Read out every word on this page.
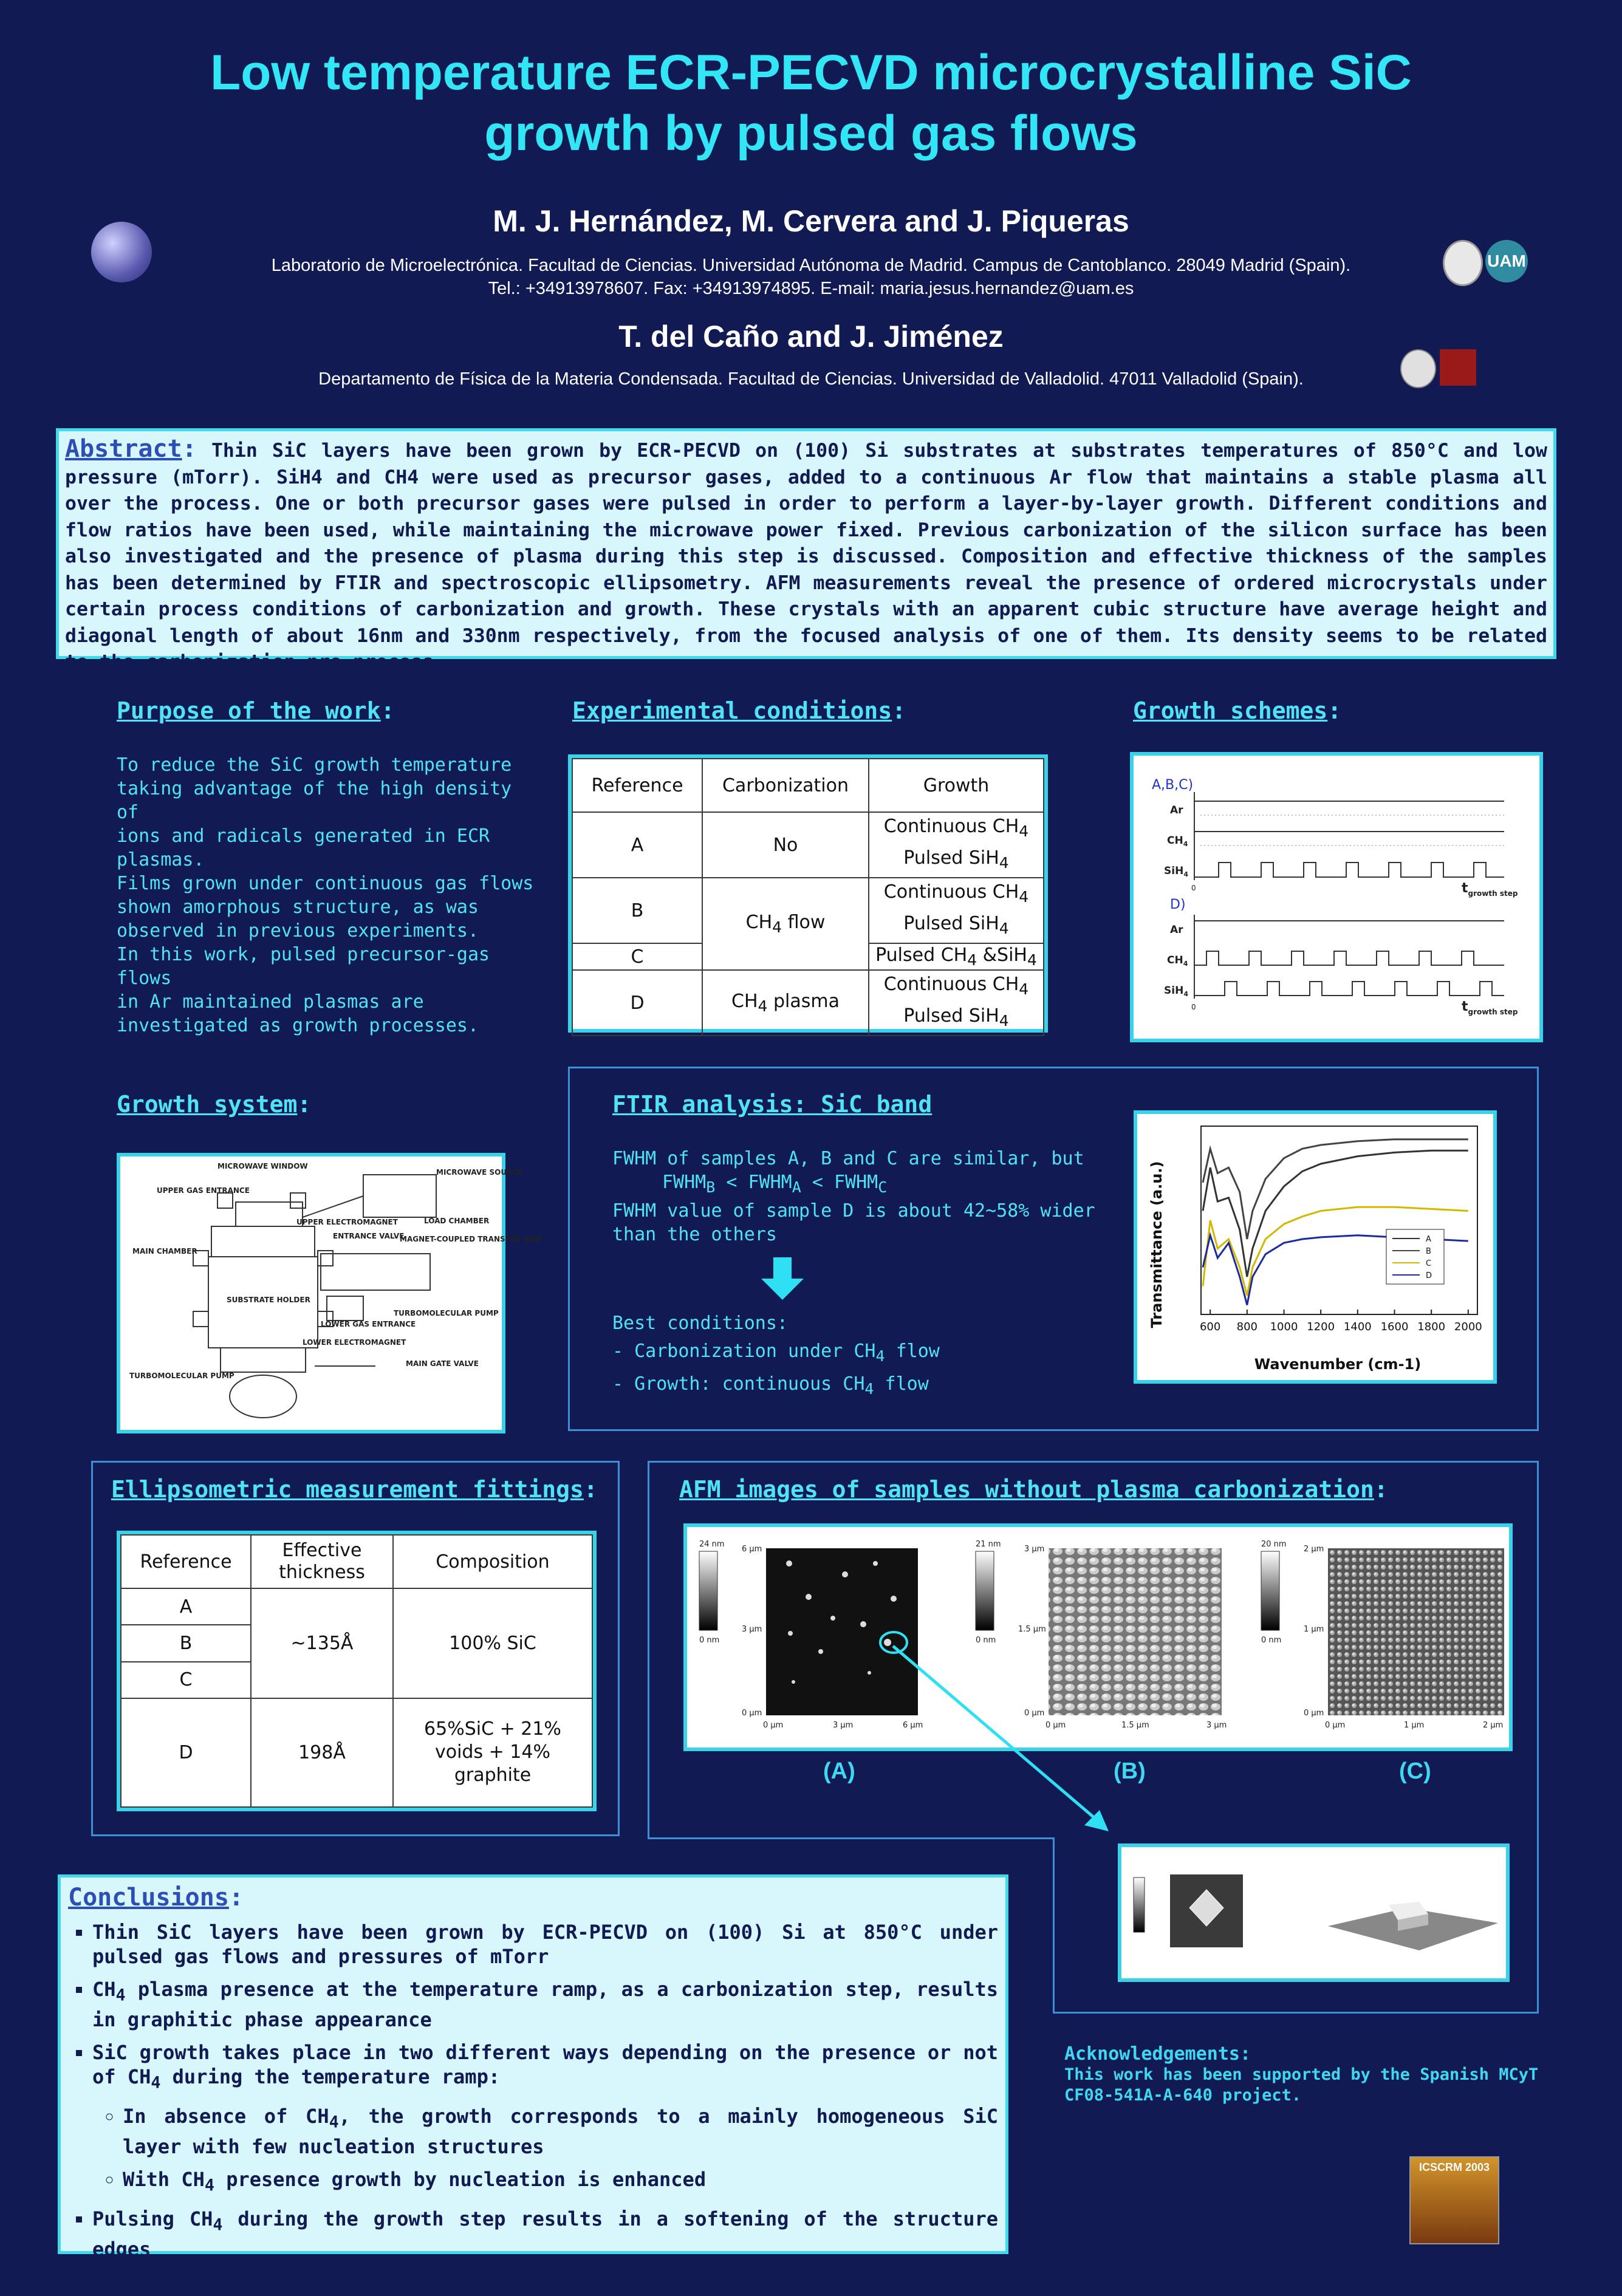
Low temperature ECR-PECVD microcrystalline SiC
growth by pulsed gas flows
M. J. Hernández, M. Cervera and J. Piqueras
Laboratorio de Microelectrónica. Facultad de Ciencias. Universidad Autónoma de Madrid. Campus de Cantoblanco. 28049 Madrid (Spain).
Tel.: +34913978607. Fax: +34913974895. E-mail: maria.jesus.hernandez@uam.es
UAM
T. del Caño and J. Jiménez
Departamento de Física de la Materia Condensada. Facultad de Ciencias. Universidad de Valladolid. 47011 Valladolid (Spain).
Abstract: Thin SiC layers have been grown by ECR-PECVD on (100) Si substrates at substrates temperatures of 850°C and low pressure (mTorr). SiH4 and CH4 were used as precursor gases, added to a continuous Ar flow that maintains a stable plasma all over the process. One or both precursor gases were pulsed in order to perform a layer-by-layer growth. Different conditions and flow ratios have been used, while maintaining the microwave power fixed. Previous carbonization of the silicon surface has been also investigated and the presence of plasma during this step is discussed. Composition and effective thickness of the samples has been determined by FTIR and spectroscopic ellipsometry. AFM measurements reveal the presence of ordered microcrystals under certain process conditions of carbonization and growth. These crystals with an apparent cubic structure have average height and diagonal length of about 16nm and 330nm respectively, from the focused analysis of one of them. Its density seems to be related to the carbonization pre-process.
Purpose of the work:
To reduce the SiC growth temperature
taking advantage of the high density of
ions and radicals generated in ECR
plasmas.
Films grown under continuous gas flows
shown amorphous structure, as was
observed in previous experiments.
In this work, pulsed precursor-gas flows
in Ar maintained plasmas are
investigated as growth processes.
Experimental conditions:
Reference	Carbonization	Growth
A	No	Continuous $CH_4$
Pulsed SiH$_4$

B	$CH_4$ flow	Continuous $CH_4$
Pulsed SiH$_4$

C		Pulsed $CH_4$ &SiH$_4$
D	$CH_4$ plasma	Continuous $CH_4$
Pulsed SiH$_4$
Growth schemes:
A,B,C)
Ar
$CH_4$
SiH$_4$
0	$t_{growth step}$
D)
Ar
$CH_4$
SiH$_4$
0	$t_{growth step}$
Growth system:
MICROWAVE WINDOW
MICROWAVE SOURCE
UPPER GAS ENTRANCE
UPPER ELECTROMAGNET	LOAD CHAMBER
ENTRANCE VALVE
MAGNET-COUPLED TRANSFER ARM
MAIN CHAMBER
SUBSTRATE HOLDER
LOWER GAS ENTRANCE
TURBOMOLECULAR PUMP
LOWER ELECTROMAGNET
TURBOMOLECULAR PUMP
MAIN GATE VALVE
FTIR analysis: SiC band
FWHM of samples A, B and C are similar, but
$FWHM_B$ < $FWHM_A$ < $FWHM_C$
FWHM value of sample D is about 42~58% wider
than the others
Best conditions:
- Carbonization under $CH_4$ flow
- Growth: continuous $CH_4$ flow
Transmittance (a.u.)
Wavenumber (cm-1)
600 800 1000 1200 1400 1600 1800 2000
A
B
C
D
Ellipsometric measurement fittings:
Reference	Effective thickness	Composition
A	~135Å	100% SiC
B		
C		
D	198Å	65%SiC + 21% voids + 14% graphite
AFM images of samples without plasma carbonization:
24 nm
0 nm
6 μm
3 μm
0 μm
0 μm	3 μm	6 μm
21 nm
0 nm
3 μm
1.5 μm
0 μm
0 μm	1.5 μm	3 μm
20 nm
0 nm
2 μm
1 μm
0 μm
0 μm	1 μm	2 μm
(A)	(B)	(C)
Conclusions:
▪ Thin SiC layers have been grown by ECR-PECVD on (100) Si at 850°C under pulsed gas flows and pressures of mTorr
▪ $CH_4$ plasma presence at the temperature ramp, as a carbonization step, results in graphitic phase appearance
▪ SiC growth takes place in two different ways depending on the presence or not of $CH_4$ during the temperature ramp:
◦ In absence of $CH_4$, the growth corresponds to a mainly homogeneous SiC layer with few nucleation structures
◦ With $CH_4$ presence growth by nucleation is enhanced
▪ Pulsing $CH_4$ during the growth step results in a softening of the structure edges
Acknowledgements:
This work has been supported by the Spanish MCyT
CF08-541A-A-640 project.
ICSCRM 2003
